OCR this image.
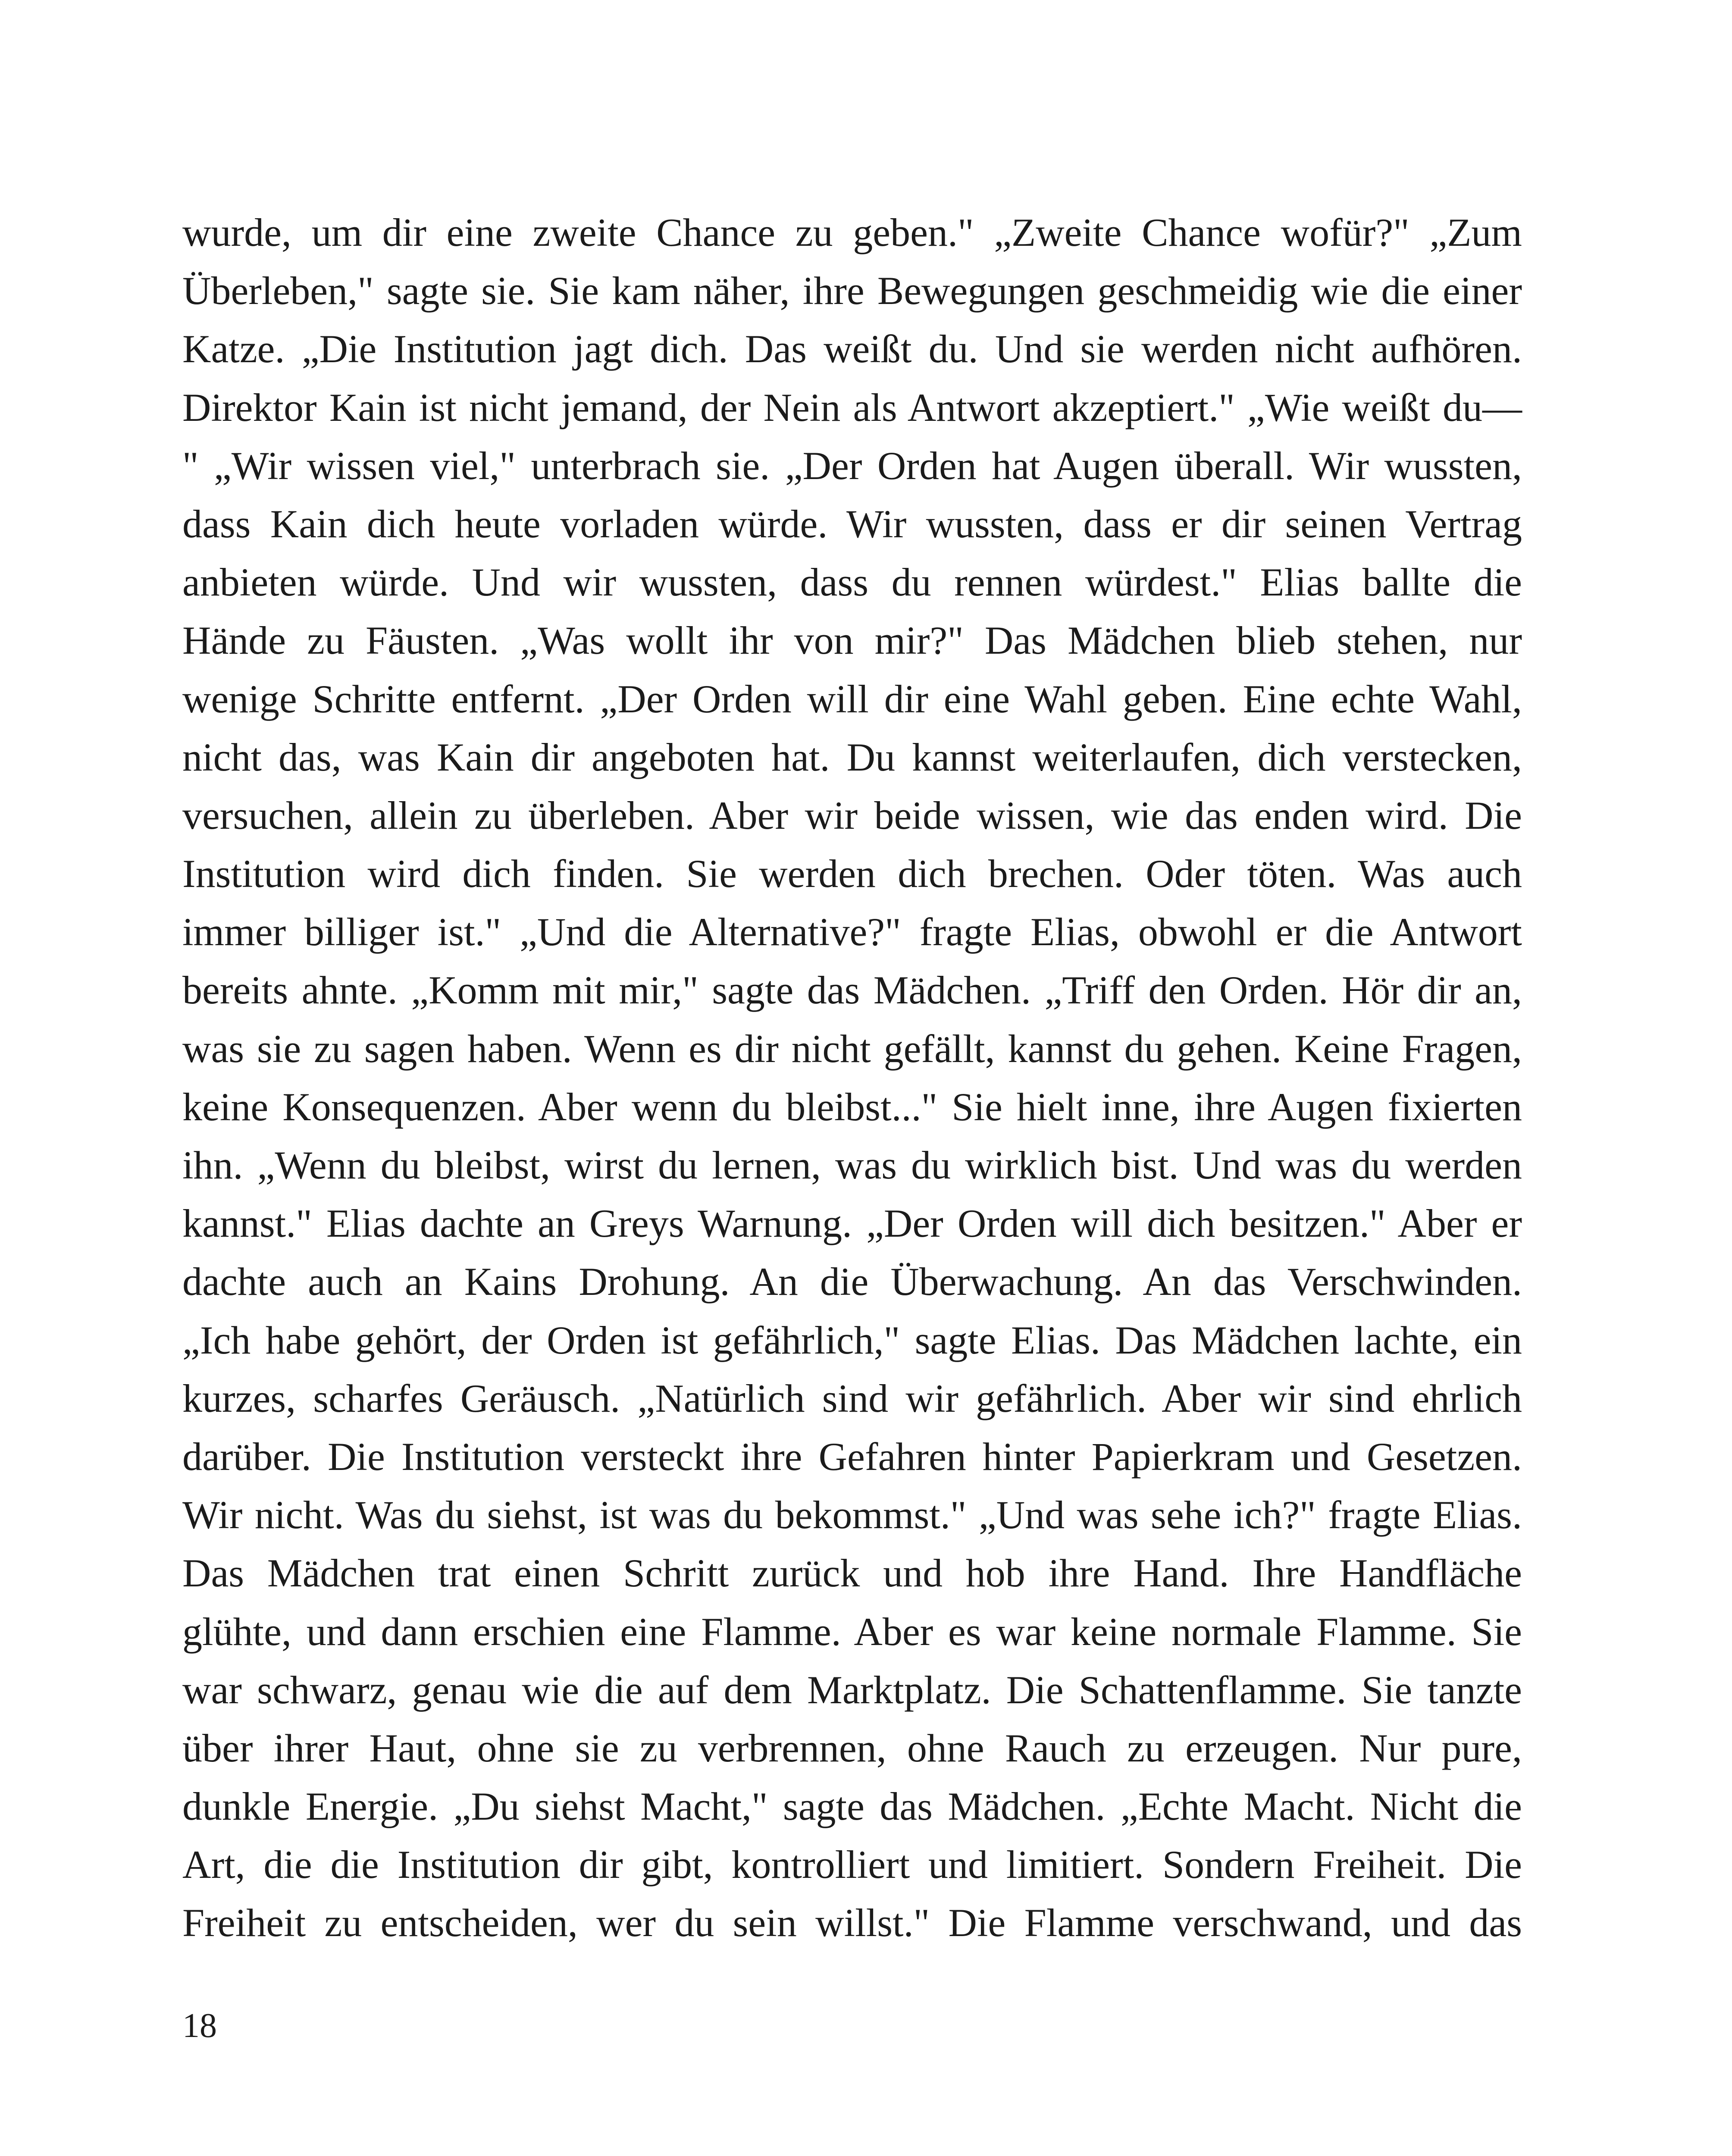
wurde, um dir eine zweite Chance zu geben." „Zweite Chance wofür?" „Zum
Überleben," sagte sie. Sie kam näher, ihre Bewegungen geschmeidig wie die einer
Katze. „Die Institution jagt dich. Das weißt du. Und sie werden nicht aufhören.
Direktor Kain ist nicht jemand, der Nein als Antwort akzeptiert." „Wie weißt du—
" „Wir wissen viel," unterbrach sie. „Der Orden hat Augen überall. Wir wussten,
dass Kain dich heute vorladen würde. Wir wussten, dass er dir seinen Vertrag
anbieten würde. Und wir wussten, dass du rennen würdest." Elias ballte die
Hände zu Fäusten. „Was wollt ihr von mir?" Das Mädchen blieb stehen, nur
wenige Schritte entfernt. „Der Orden will dir eine Wahl geben. Eine echte Wahl,
nicht das, was Kain dir angeboten hat. Du kannst weiterlaufen, dich verstecken,
versuchen, allein zu überleben. Aber wir beide wissen, wie das enden wird. Die
Institution wird dich finden. Sie werden dich brechen. Oder töten. Was auch
immer billiger ist." „Und die Alternative?" fragte Elias, obwohl er die Antwort
bereits ahnte. „Komm mit mir," sagte das Mädchen. „Triff den Orden. Hör dir an,
was sie zu sagen haben. Wenn es dir nicht gefällt, kannst du gehen. Keine Fragen,
keine Konsequenzen. Aber wenn du bleibst..." Sie hielt inne, ihre Augen fixierten
ihn. „Wenn du bleibst, wirst du lernen, was du wirklich bist. Und was du werden
kannst." Elias dachte an Greys Warnung. „Der Orden will dich besitzen." Aber er
dachte auch an Kains Drohung. An die Überwachung. An das Verschwinden.
„Ich habe gehört, der Orden ist gefährlich," sagte Elias. Das Mädchen lachte, ein
kurzes, scharfes Geräusch. „Natürlich sind wir gefährlich. Aber wir sind ehrlich
darüber. Die Institution versteckt ihre Gefahren hinter Papierkram und Gesetzen.
Wir nicht. Was du siehst, ist was du bekommst." „Und was sehe ich?" fragte Elias.
Das Mädchen trat einen Schritt zurück und hob ihre Hand. Ihre Handfläche
glühte, und dann erschien eine Flamme. Aber es war keine normale Flamme. Sie
war schwarz, genau wie die auf dem Marktplatz. Die Schattenflamme. Sie tanzte
über ihrer Haut, ohne sie zu verbrennen, ohne Rauch zu erzeugen. Nur pure,
dunkle Energie. „Du siehst Macht," sagte das Mädchen. „Echte Macht. Nicht die
Art, die die Institution dir gibt, kontrolliert und limitiert. Sondern Freiheit. Die
Freiheit zu entscheiden, wer du sein willst." Die Flamme verschwand, und das
18
